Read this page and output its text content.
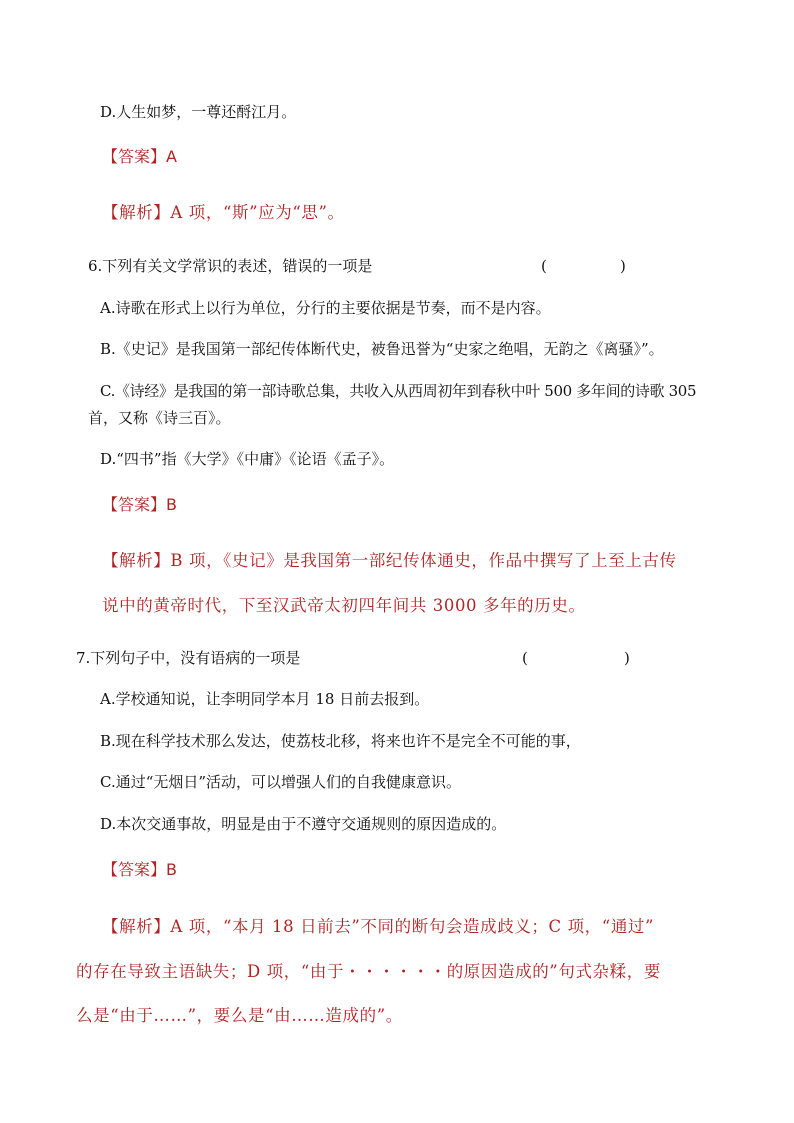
D.人生如梦，一尊还酹江月。
【答案】A
【解析】A 项，“斯”应为“思”。
6.下列有关文学常识的表述，错误的一项是	(	)
A.诗歌在形式上以行为单位，分行的主要依据是节奏，而不是内容。
B.《史记》是我国第一部纪传体断代史，被鲁迅誉为“史家之绝唱，无韵之《离骚》”。
C.《诗经》是我国的第一部诗歌总集，共收入从西周初年到春秋中叶 500 多年间的诗歌 305
首，又称《诗三百》。
D.“四书”指《大学》《中庸》《论语《孟子》。
【答案】B
【解析】B 项，《史记》是我国第一部纪传体通史，作品中撰写了上至上古传
说中的黄帝时代，下至汉武帝太初四年间共 3000 多年的历史。
7.下列句子中，没有语病的一项是	(	)
A.学校通知说，让李明同学本月 18 日前去报到。
B.现在科学技术那么发达，使荔枝北移，将来也许不是完全不可能的事，
C.通过“无烟日”活动，可以增强人们的自我健康意识。
D.本次交通事故，明显是由于不遵守交通规则的原因造成的。
【答案】B
【解析】A 项，“本月 18 日前去”不同的断句会造成歧义；C 项，“通过”
的存在导致主语缺失；D 项，“由于・・・・・・的原因造成的”句式杂糅，要
么是“由于……”，要么是“由……造成的”。
